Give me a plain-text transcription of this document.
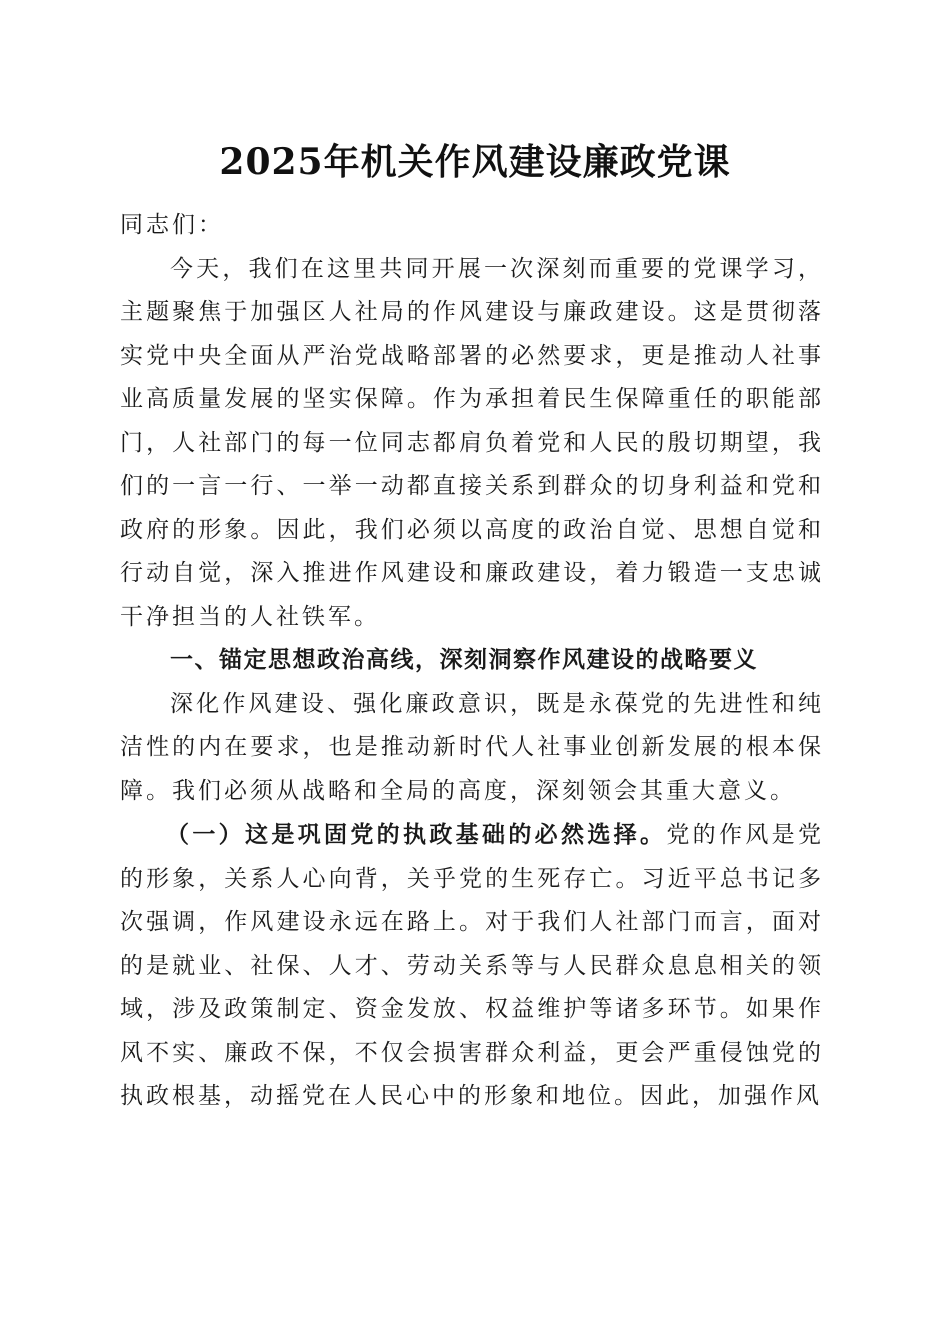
2025年机关作风建设廉政党课

同志们：

今天，我们在这里共同开展一次深刻而重要的党课学习，主题聚焦于加强区人社局的作风建设与廉政建设。这是贯彻落实党中央全面从严治党战略部署的必然要求，更是推动人社事业高质量发展的坚实保障。作为承担着民生保障重任的职能部门，人社部门的每一位同志都肩负着党和人民的殷切期望，我们的一言一行、一举一动都直接关系到群众的切身利益和党和政府的形象。因此，我们必须以高度的政治自觉、思想自觉和行动自觉，深入推进作风建设和廉政建设，着力锻造一支忠诚干净担当的人社铁军。

一、锚定思想政治高线，深刻洞察作风建设的战略要义

深化作风建设、强化廉政意识，既是永葆党的先进性和纯洁性的内在要求，也是推动新时代人社事业创新发展的根本保障。我们必须从战略和全局的高度，深刻领会其重大意义。

（一）这是巩固党的执政基础的必然选择。党的作风是党的形象，关系人心向背，关乎党的生死存亡。习近平总书记多次强调，作风建设永远在路上。对于我们人社部门而言，面对的是就业、社保、人才、劳动关系等与人民群众息息相关的领域，涉及政策制定、资金发放、权益维护等诸多环节。如果作风不实、廉政不保，不仅会损害群众利益，更会严重侵蚀党的执政根基，动摇党在人民心中的形象和地位。因此，加强作风
